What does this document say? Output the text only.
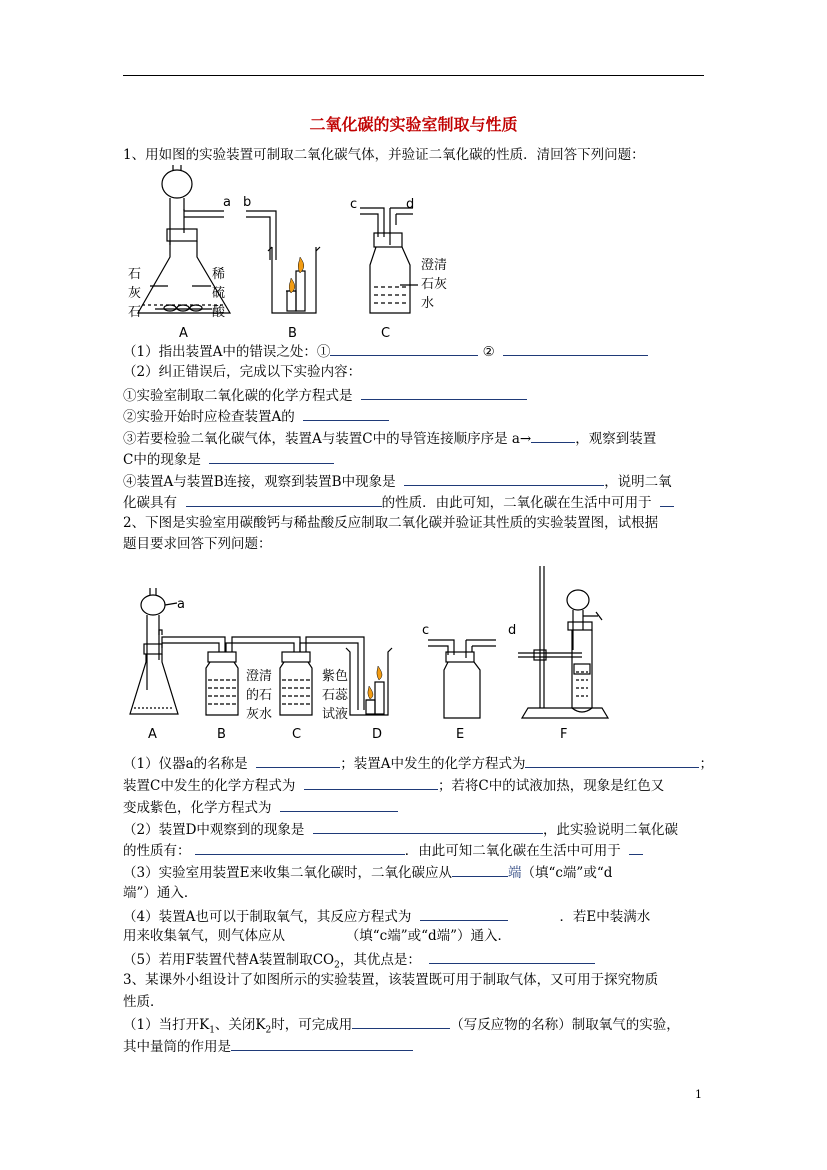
二氧化碳的实验室制取与性质
1、用如图的实验装置可制取二氧化碳气体，并验证二氧化碳的性质．清回答下列问题：
a b	c	d
石
灰
石
稀
硫
酸
澄清
石灰
水
A	B	C
（1）指出装置A中的错误之处：①	②
（2）纠正错误后，完成以下实验内容：
①实验室制取二氧化碳的化学方程式是
②实验开始时应检查装置A的
③若要检验二氧化碳气体，装置A与装置C中的导管连接顺序序是 a→	，观察到装置
C中的现象是
④装置A与装置B连接，观察到装置B中现象是	，说明二氧
化碳具有	的性质．由此可知，二氧化碳在生活中可用于
2、下图是实验室用碳酸钙与稀盐酸反应制取二氧化碳并验证其性质的实验装置图，试根据
题目要求回答下列问题：
a
c	d
澄清
的石
灰水
紫色
石蕊
试液
A	B	C	D	E	F
（1）仪器a的名称是	；装置A中发生的化学方程式为	；
装置C中发生的化学方程式为	；若将C中的试液加热，现象是红色又
变成紫色，化学方程式为
（2）装置D中观察到的现象是	，此实验说明二氧化碳
的性质有：	．由此可知二氧化碳在生活中可用于
（3）实验室用装置E来收集二氧化碳时，二氧化碳应从	端（填“c端”或“d
端”）通入．
（4）装置A也可以于制取氧气，其反应方程式为	．若E中装满水
用来收集氧气，则气体应从　　　　　（填“c端”或“d端”）通入．
（5）若用F装置代替A装置制取$CO_2$，其优点是：
3、某课外小组设计了如图所示的实验装置，该装置既可用于制取气体，又可用于探究物质
性质．
（1）当打开$K_1$、关闭$K_2$时，可完成用	（写反应物的名称）制取氧气的实验，
其中量筒的作用是
1
